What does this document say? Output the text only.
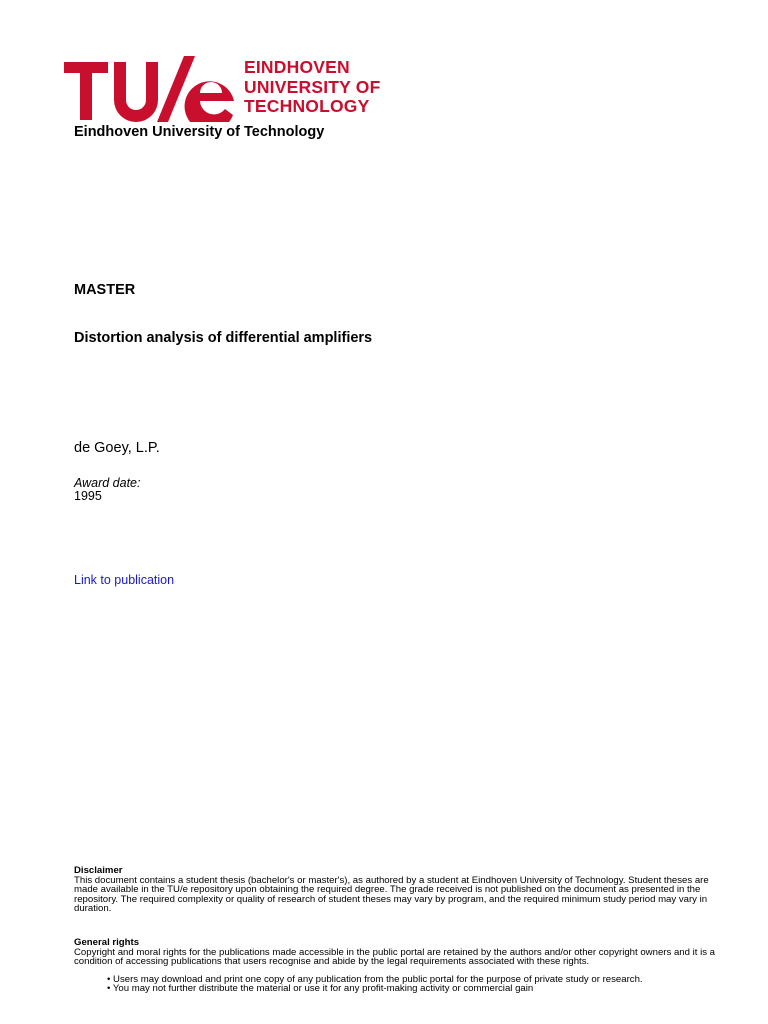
EINDHOVEN
UNIVERSITY OF
TECHNOLOGY
Eindhoven University of Technology
MASTER
Distortion analysis of differential amplifiers
de Goey, L.P.
Award date:
1995
Link to publication
Disclaimer
This document contains a student thesis (bachelor's or master's), as authored by a student at Eindhoven University of Technology. Student theses are made available in the TU/e repository upon obtaining the required degree. The grade received is not published on the document as presented in the repository. The required complexity or quality of research of student theses may vary by program, and the required minimum study period may vary in duration.
General rights
Copyright and moral rights for the publications made accessible in the public portal are retained by the authors and/or other copyright owners and it is a condition of accessing publications that users recognise and abide by the legal requirements associated with these rights.
• Users may download and print one copy of any publication from the public portal for the purpose of private study or research.
• You may not further distribute the material or use it for any profit-making activity or commercial gain
